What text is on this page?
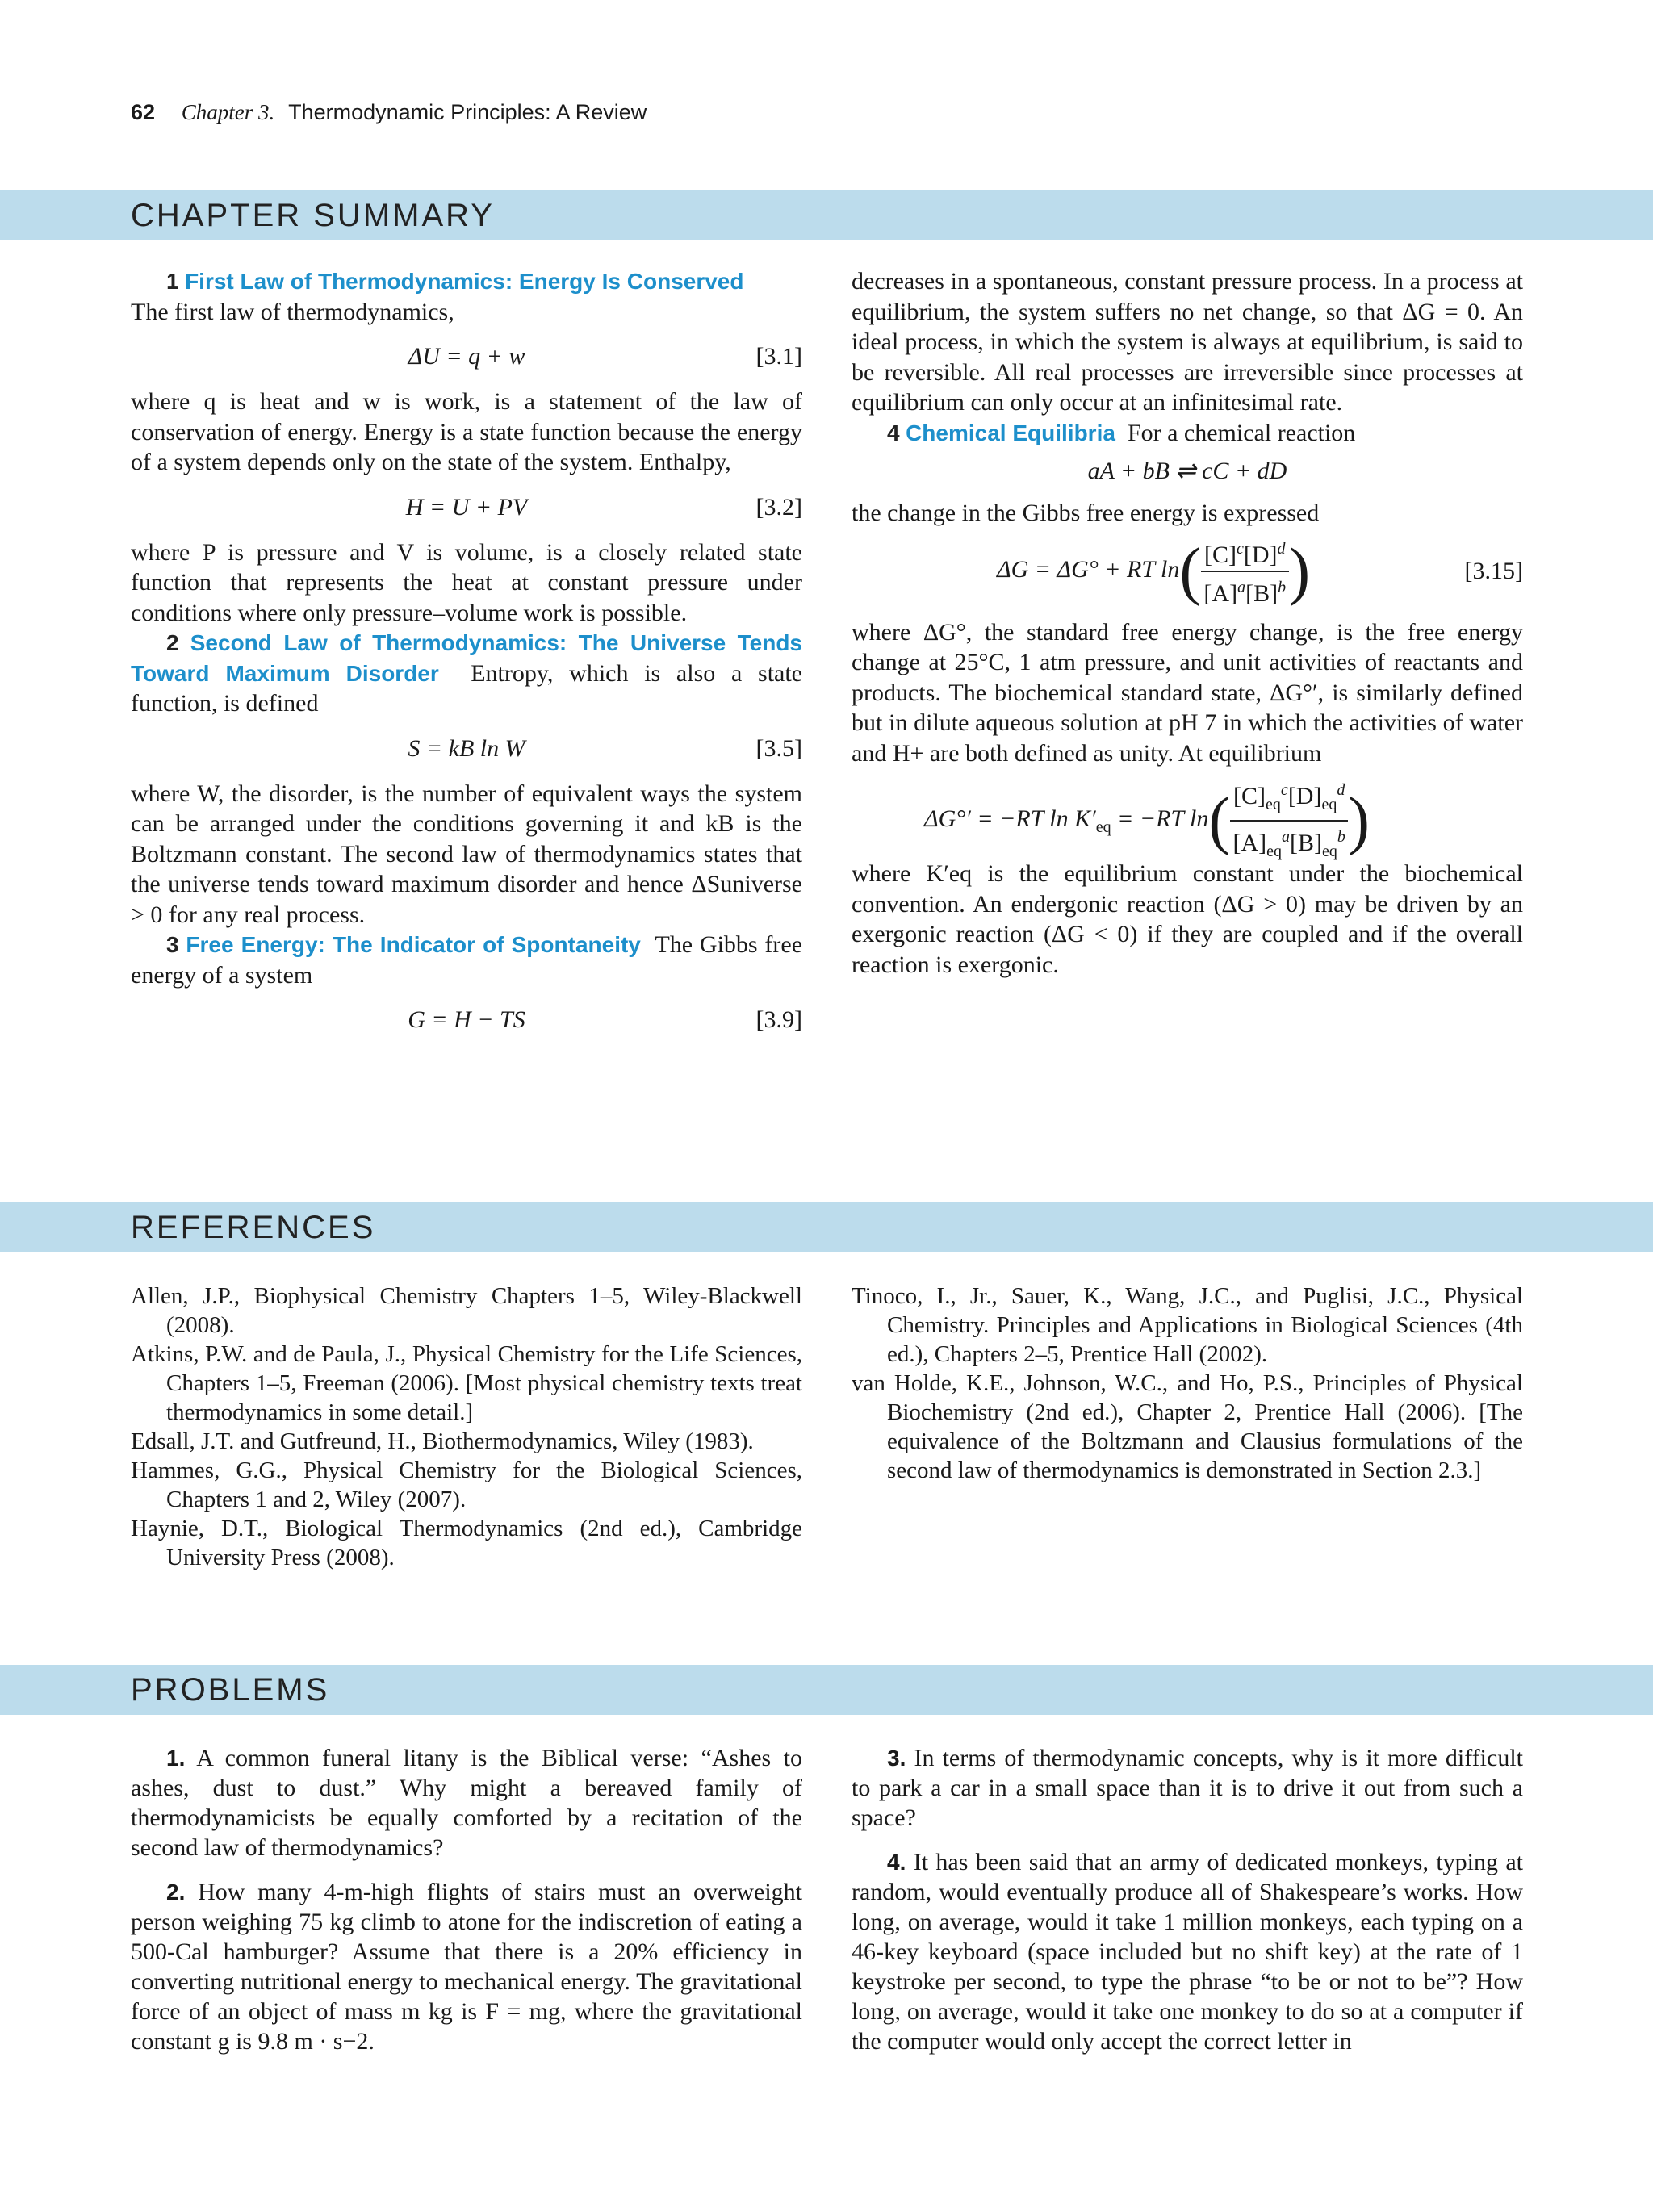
62 Chapter 3. Thermodynamic Principles: A Review
CHAPTER SUMMARY

1 First Law of Thermodynamics: Energy Is Conserved

The first law of thermodynamics,

ΔU = q + w	[3.1]

where q is heat and w is work, is a statement of the law of conservation of energy. Energy is a state function because the energy of a system depends only on the state of the system. Enthalpy,

H = U + PV	[3.2]

where P is pressure and V is volume, is a closely related state function that represents the heat at constant pressure under conditions where only pressure–volume work is possible.

2 Second Law of Thermodynamics: The Universe Tends Toward Maximum Disorder Entropy, which is also a state function, is defined

S = kB ln W	[3.5]

where W, the disorder, is the number of equivalent ways the system can be arranged under the conditions governing it and kB is the Boltzmann constant. The second law of thermodynamics states that the universe tends toward maximum disorder and hence ΔSuniverse > 0 for any real process.

3 Free Energy: The Indicator of Spontaneity The Gibbs free energy of a system

G = H − TS	[3.9]

decreases in a spontaneous, constant pressure process. In a process at equilibrium, the system suffers no net change, so that ΔG = 0. An ideal process, in which the system is always at equilibrium, is said to be reversible. All real processes are irreversible since processes at equilibrium can only occur at an infinitesimal rate.

4 Chemical Equilibria For a chemical reaction

aA + bB ⇌ cC + dD

the change in the Gibbs free energy is expressed

ΔG = ΔG° + RT $\ln( \frac{[C]^c[D]^d}{[A]^a[B]^b}$ )	[3.15]

where ΔG°, the standard free energy change, is the free energy change at 25°C, 1 atm pressure, and unit activities of reactants and products. The biochemical standard state, ΔG°′, is similarly defined but in dilute aqueous solution at pH 7 in which the activities of water and H+ are both defined as unity. At equilibrium

ΔG°′ = −RT $\ln K'_{eq} = -RT$ $\ln( \frac{[C]_{eq}^c[D]_{eq}^d}{[A]_{eq}^a[B]_{eq}^b}$ )

where K′eq is the equilibrium constant under the biochemical convention. An endergonic reaction (ΔG > 0) may be driven by an exergonic reaction (ΔG < 0) if they are coupled and if the overall reaction is exergonic.

REFERENCES

Allen, J.P., Biophysical Chemistry Chapters 1–5, Wiley-Blackwell (2008).

Atkins, P.W. and de Paula, J., Physical Chemistry for the Life Sciences, Chapters 1–5, Freeman (2006). [Most physical chemistry texts treat thermodynamics in some detail.]

Edsall, J.T. and Gutfreund, H., Biothermodynamics, Wiley (1983).

Hammes, G.G., Physical Chemistry for the Biological Sciences, Chapters 1 and 2, Wiley (2007).

Haynie, D.T., Biological Thermodynamics (2nd ed.), Cambridge University Press (2008).

Tinoco, I., Jr., Sauer, K., Wang, J.C., and Puglisi, J.C., Physical Chemistry. Principles and Applications in Biological Sciences (4th ed.), Chapters 2–5, Prentice Hall (2002).

van Holde, K.E., Johnson, W.C., and Ho, P.S., Principles of Physical Biochemistry (2nd ed.), Chapter 2, Prentice Hall (2006). [The equivalence of the Boltzmann and Clausius formulations of the second law of thermodynamics is demonstrated in Section 2.3.]

PROBLEMS

1. A common funeral litany is the Biblical verse: “Ashes to ashes, dust to dust.” Why might a bereaved family of thermodynamicists be equally comforted by a recitation of the second law of thermodynamics?

2. How many 4-m-high flights of stairs must an overweight person weighing 75 kg climb to atone for the indiscretion of eating a 500-Cal hamburger? Assume that there is a 20% efficiency in converting nutritional energy to mechanical energy. The gravitational force of an object of mass m kg is F = mg, where the gravitational constant g is 9.8 m · s−2.

3. In terms of thermodynamic concepts, why is it more difficult to park a car in a small space than it is to drive it out from such a space?

4. It has been said that an army of dedicated monkeys, typing at random, would eventually produce all of Shakespeare’s works. How long, on average, would it take 1 million monkeys, each typing on a 46-key keyboard (space included but no shift key) at the rate of 1 keystroke per second, to type the phrase “to be or not to be”? How long, on average, would it take one monkey to do so at a computer if the computer would only accept the correct letter in
